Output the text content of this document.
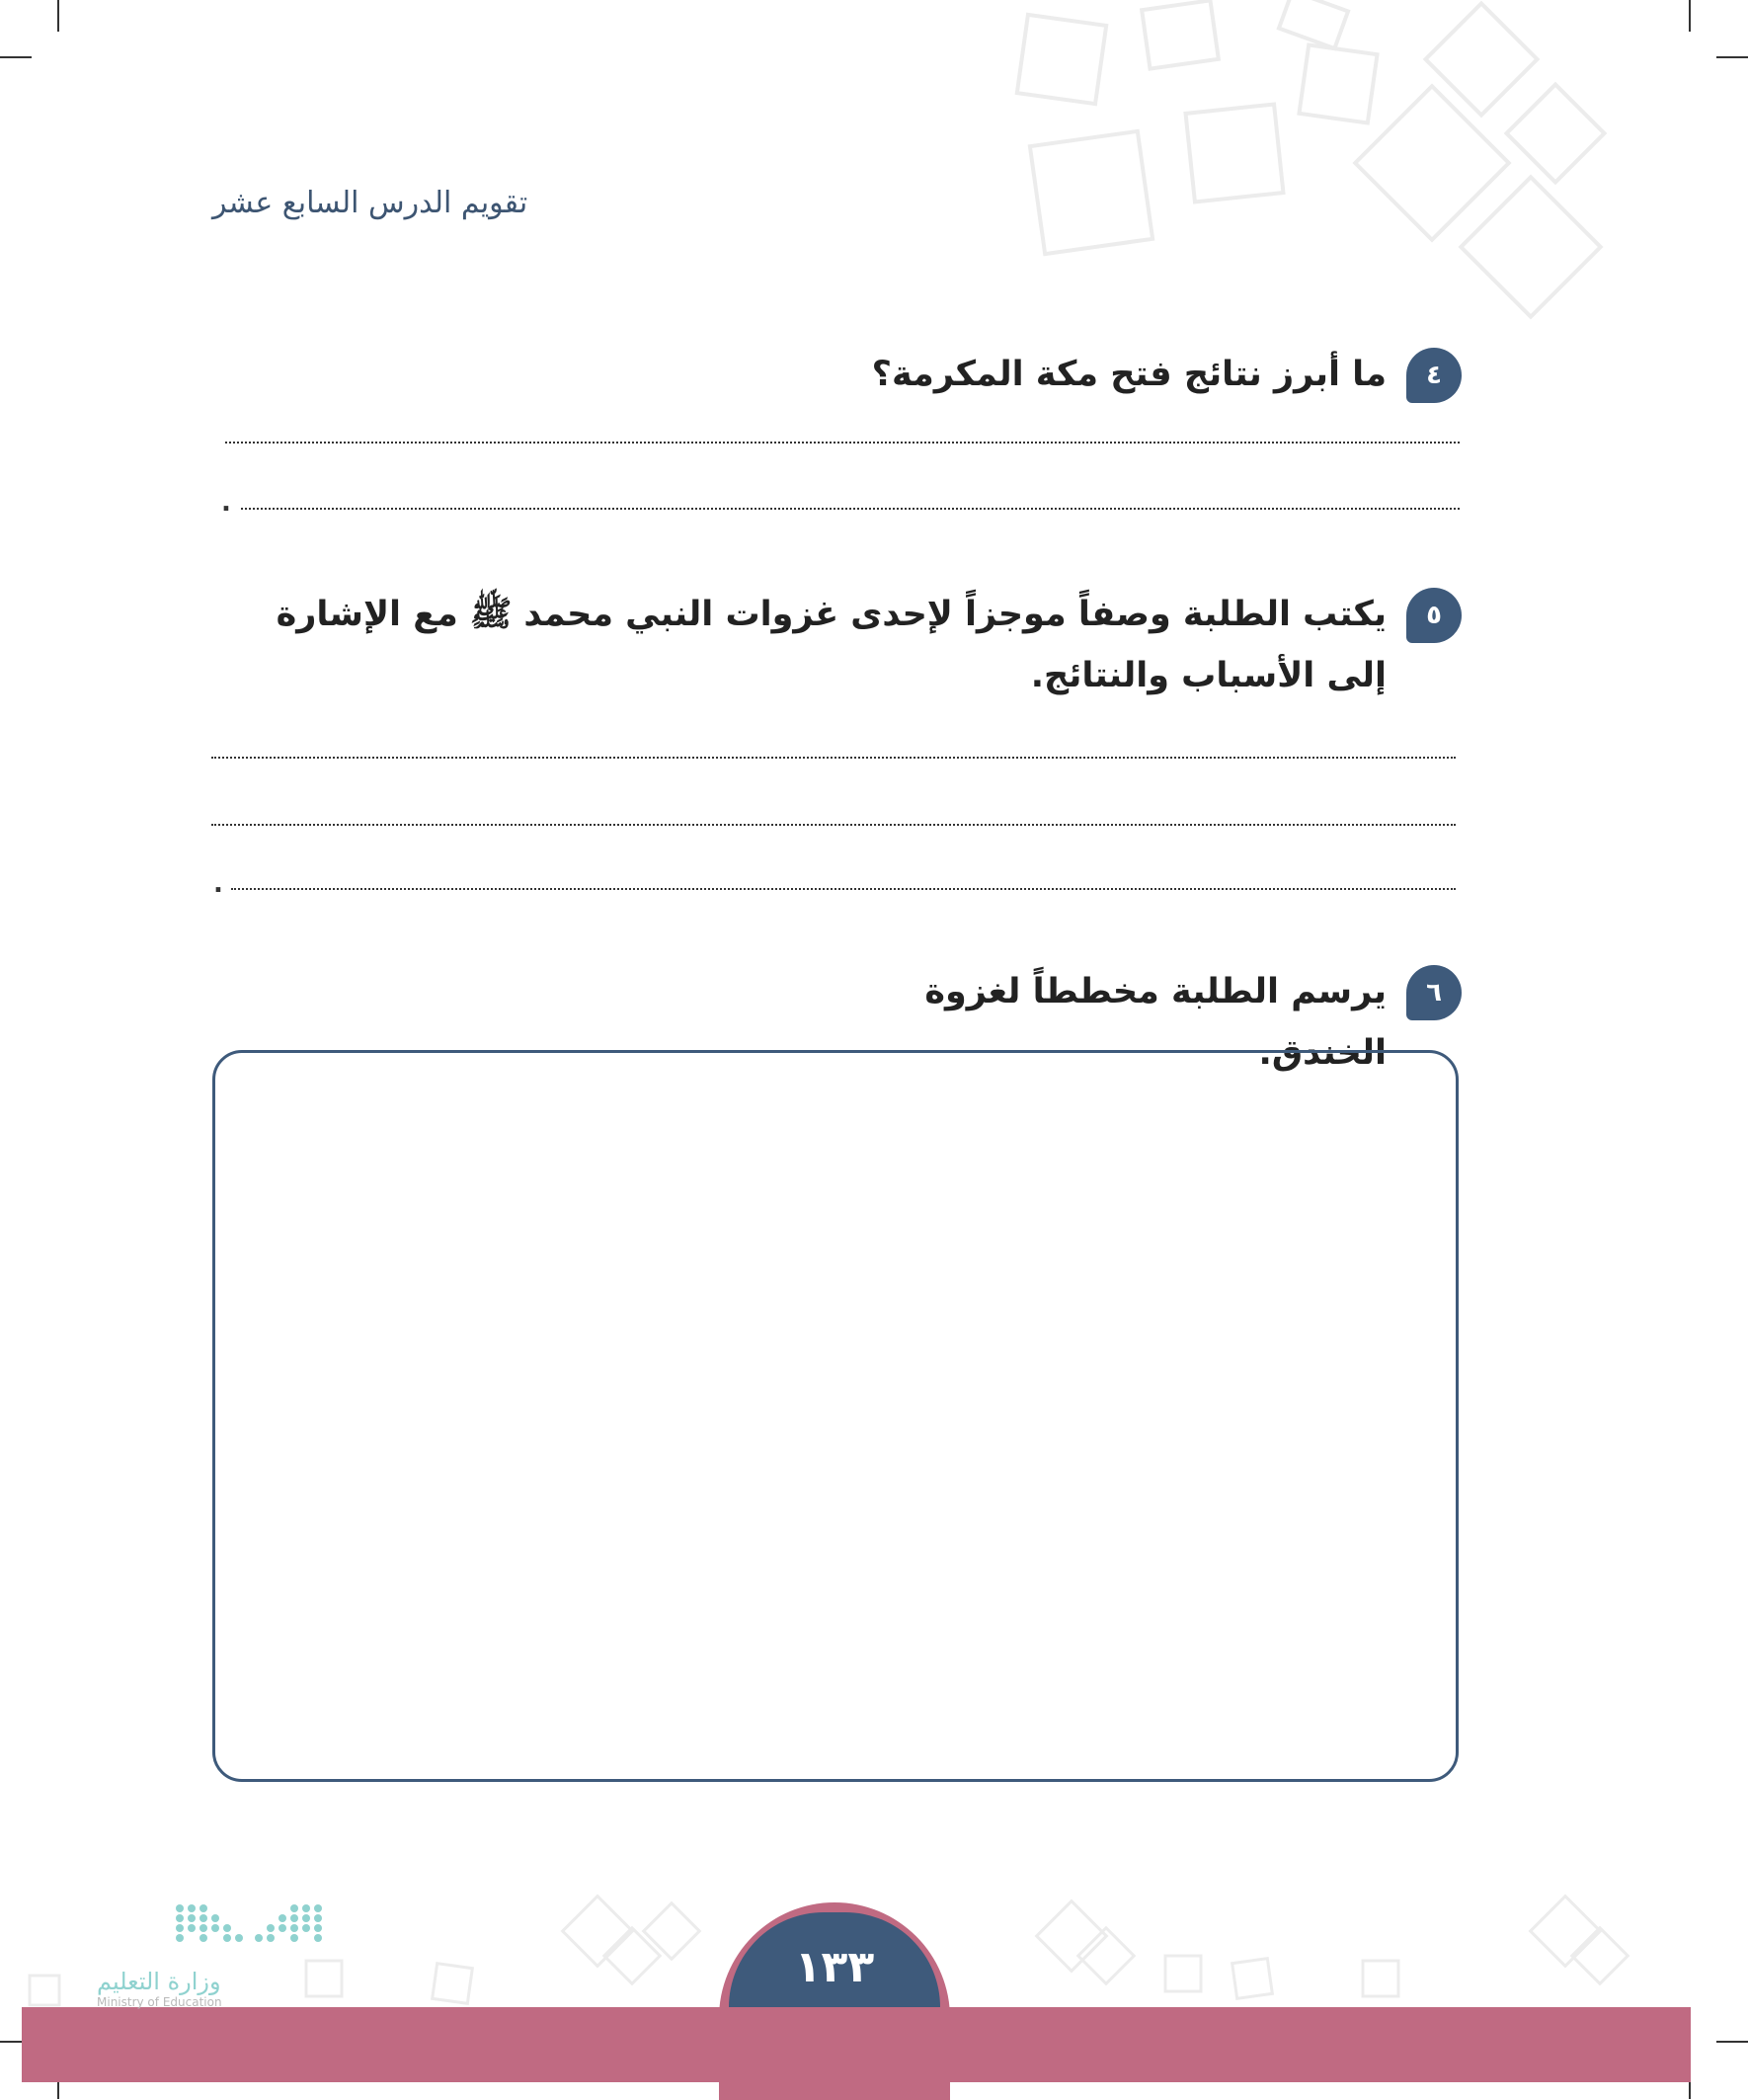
تقويم الدرس السابع عشر
٤
ما أبرز نتائج فتح مكة المكرمة؟
.
٥
يكتب الطلبة وصفاً موجزاً لإحدى غزوات النبي محمد ﷺ مع الإشارة إلى الأسباب والنتائج.
.
٦
يرسم الطلبة مخططاً لغزوة الخندق.
١٣٣
وزارة التعليم
Ministry of Education
